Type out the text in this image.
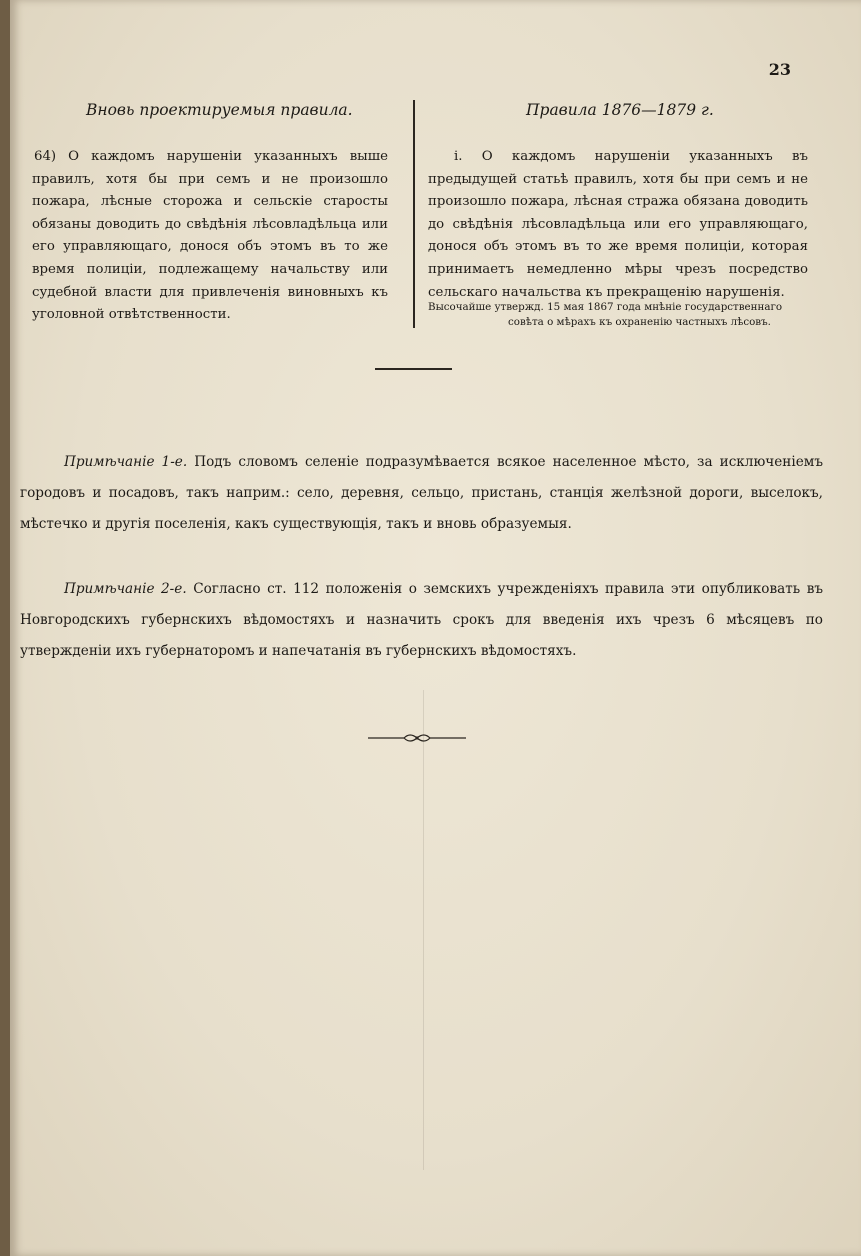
23
Вновь проектируемыя правила.	Правила 1876—1879 г.
64) О каждомъ нарушеніи указанныхъ выше правилъ, хотя бы при семъ и не произошло пожара, лѣсные сторожа и сельскіе старосты обязаны доводить до свѣдѣнія лѣсовладѣльца или его управляющаго, донося объ этомъ въ то же время полиціи, подлежащему начальству или судебной власти для привлеченія виновныхъ къ уголовной отвѣтственности.
і. О каждомъ нарушеніи указанныхъ въ предыдущей статьѣ правилъ, хотя бы при семъ и не произошло пожара, лѣсная стража обязана доводить до свѣдѣнія лѣсовладѣльца или его управляющаго, донося объ этомъ въ то же время полиціи, которая принимаетъ немедленно мѣры чрезъ посредство сельскаго начальства къ прекращенію нарушенія.
Высочайше утвержд. 15 мая 1867 года мнѣніе государственнаго
совѣта о мѣрахъ къ охраненію частныхъ лѣсовъ.
Примѣчаніе 1-е. Подъ словомъ селеніе подразумѣвается всякое населенное мѣсто, за исключеніемъ городовъ и посадовъ, такъ наприм.: село, деревня, сельцо, пристань, станція желѣзной дороги, выселокъ, мѣстечко и другія поселенія, какъ существующія, такъ и вновь образуемыя.
Примѣчаніе 2-е. Согласно ст. 112 положенія о земскихъ учрежденіяхъ правила эти опубликовать въ Новгородскихъ губернскихъ вѣдомостяхъ и назначить срокъ для введенія ихъ чрезъ 6 мѣсяцевъ по утвержденіи ихъ губернаторомъ и напечатанія въ губернскихъ вѣдомостяхъ.
